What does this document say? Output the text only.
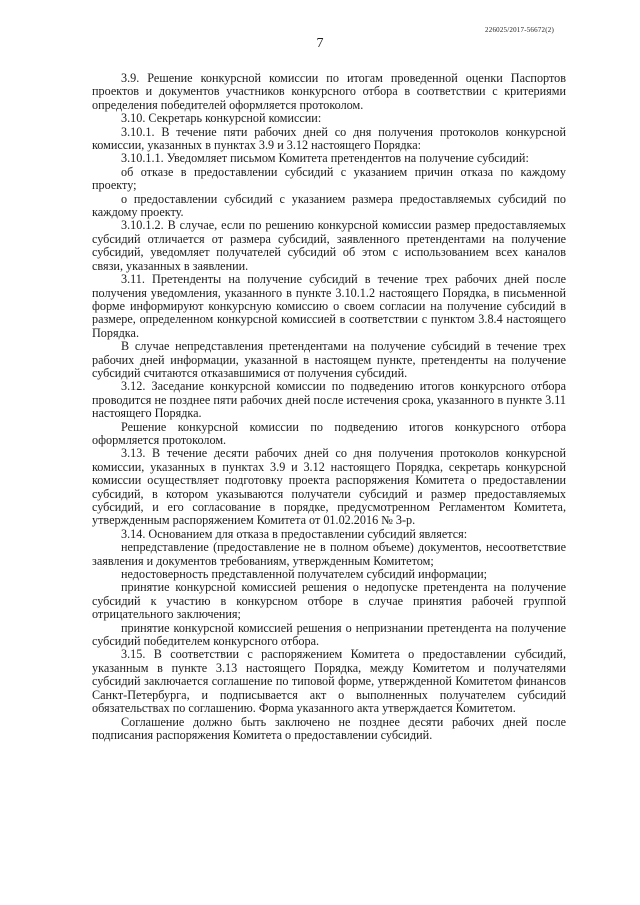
226025/2017-56672(2)
7

3.9. Решение конкурсной комиссии по итогам проведенной оценки Паспортов проектов и документов участников конкурсного отбора в соответствии с критериями определения победителей оформляется протоколом.

3.10. Секретарь конкурсной комиссии:

3.10.1. В течение пяти рабочих дней со дня получения протоколов конкурсной комиссии, указанных в пунктах 3.9 и 3.12 настоящего Порядка:

3.10.1.1. Уведомляет письмом Комитета претендентов на получение субсидий:

об отказе в предоставлении субсидий с указанием причин отказа по каждому проекту;

о предоставлении субсидий с указанием размера предоставляемых субсидий по каждому проекту.

3.10.1.2. В случае, если по решению конкурсной комиссии размер предоставляемых субсидий отличается от размера субсидий, заявленного претендентами на получение субсидий, уведомляет получателей субсидий об этом с использованием всех каналов связи, указанных в заявлении.

3.11. Претенденты на получение субсидий в течение трех рабочих дней после получения уведомления, указанного в пункте 3.10.1.2 настоящего Порядка, в письменной форме информируют конкурсную комиссию о своем согласии на получение субсидий в размере, определенном конкурсной комиссией в соответствии с пунктом 3.8.4 настоящего Порядка.

В случае непредставления претендентами на получение субсидий в течение трех рабочих дней информации, указанной в настоящем пункте, претенденты на получение субсидий считаются отказавшимися от получения субсидий.

3.12. Заседание конкурсной комиссии по подведению итогов конкурсного отбора проводится не позднее пяти рабочих дней после истечения срока, указанного в пункте 3.11 настоящего Порядка.

Решение конкурсной комиссии по подведению итогов конкурсного отбора оформляется протоколом.

3.13. В течение десяти рабочих дней со дня получения протоколов конкурсной комиссии, указанных в пунктах 3.9 и 3.12 настоящего Порядка, секретарь конкурсной комиссии осуществляет подготовку проекта распоряжения Комитета о предоставлении субсидий, в котором указываются получатели субсидий и размер предоставляемых субсидий, и его согласование в порядке, предусмотренном Регламентом Комитета, утвержденным распоряжением Комитета от 01.02.2016 № 3-р.

3.14. Основанием для отказа в предоставлении субсидий является:

непредставление (предоставление не в полном объеме) документов, несоответствие заявления и документов требованиям, утвержденным Комитетом;

недостоверность представленной получателем субсидий информации;

принятие конкурсной комиссией решения о недопуске претендента на получение субсидий к участию в конкурсном отборе в случае принятия рабочей группой отрицательного заключения;

принятие конкурсной комиссией решения о непризнании претендента на получение субсидий победителем конкурсного отбора.

3.15. В соответствии с распоряжением Комитета о предоставлении субсидий, указанным в пункте 3.13 настоящего Порядка, между Комитетом и получателями субсидий заключается соглашение по типовой форме, утвержденной Комитетом финансов Санкт-Петербурга, и подписывается акт о выполненных получателем субсидий обязательствах по соглашению. Форма указанного акта утверждается Комитетом.

Соглашение должно быть заключено не позднее десяти рабочих дней после подписания распоряжения Комитета о предоставлении субсидий.
